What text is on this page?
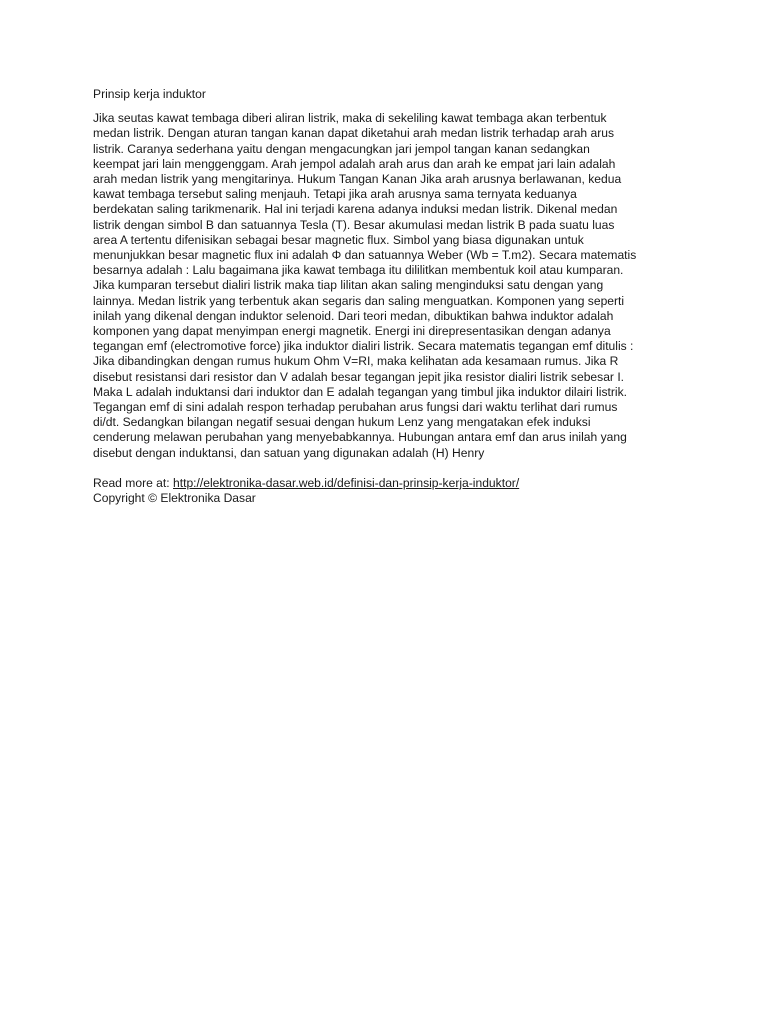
Prinsip kerja induktor
Jika seutas kawat tembaga diberi aliran listrik, maka di sekeliling kawat tembaga akan terbentuk
medan listrik. Dengan aturan tangan kanan dapat diketahui arah medan listrik terhadap arah arus
listrik. Caranya sederhana yaitu dengan mengacungkan jari jempol tangan kanan sedangkan
keempat jari lain menggenggam. Arah jempol adalah arah arus dan arah ke empat jari lain adalah
arah medan listrik yang mengitarinya. Hukum Tangan Kanan Jika arah arusnya berlawanan, kedua
kawat tembaga tersebut saling menjauh. Tetapi jika arah arusnya sama ternyata keduanya
berdekatan saling tarikmenarik. Hal ini terjadi karena adanya induksi medan listrik. Dikenal medan
listrik dengan simbol B dan satuannya Tesla (T). Besar akumulasi medan listrik B pada suatu luas
area A tertentu difenisikan sebagai besar magnetic flux. Simbol yang biasa digunakan untuk
menunjukkan besar magnetic flux ini adalah Φ dan satuannya Weber (Wb = T.m2). Secara matematis
besarnya adalah : Lalu bagaimana jika kawat tembaga itu dililitkan membentuk koil atau kumparan.
Jika kumparan tersebut dialiri listrik maka tiap lilitan akan saling menginduksi satu dengan yang
lainnya. Medan listrik yang terbentuk akan segaris dan saling menguatkan. Komponen yang seperti
inilah yang dikenal dengan induktor selenoid. Dari teori medan, dibuktikan bahwa induktor adalah
komponen yang dapat menyimpan energi magnetik. Energi ini direpresentasikan dengan adanya
tegangan emf (electromotive force) jika induktor dialiri listrik. Secara matematis tegangan emf ditulis :
Jika dibandingkan dengan rumus hukum Ohm V=RI, maka kelihatan ada kesamaan rumus. Jika R
disebut resistansi dari resistor dan V adalah besar tegangan jepit jika resistor dialiri listrik sebesar I.
Maka L adalah induktansi dari induktor dan E adalah tegangan yang timbul jika induktor dilairi listrik.
Tegangan emf di sini adalah respon terhadap perubahan arus fungsi dari waktu terlihat dari rumus
di/dt. Sedangkan bilangan negatif sesuai dengan hukum Lenz yang mengatakan efek induksi
cenderung melawan perubahan yang menyebabkannya. Hubungan antara emf dan arus inilah yang
disebut dengan induktansi, dan satuan yang digunakan adalah (H) Henry
Read more at: http://elektronika-dasar.web.id/definisi-dan-prinsip-kerja-induktor/
Copyright © Elektronika Dasar
